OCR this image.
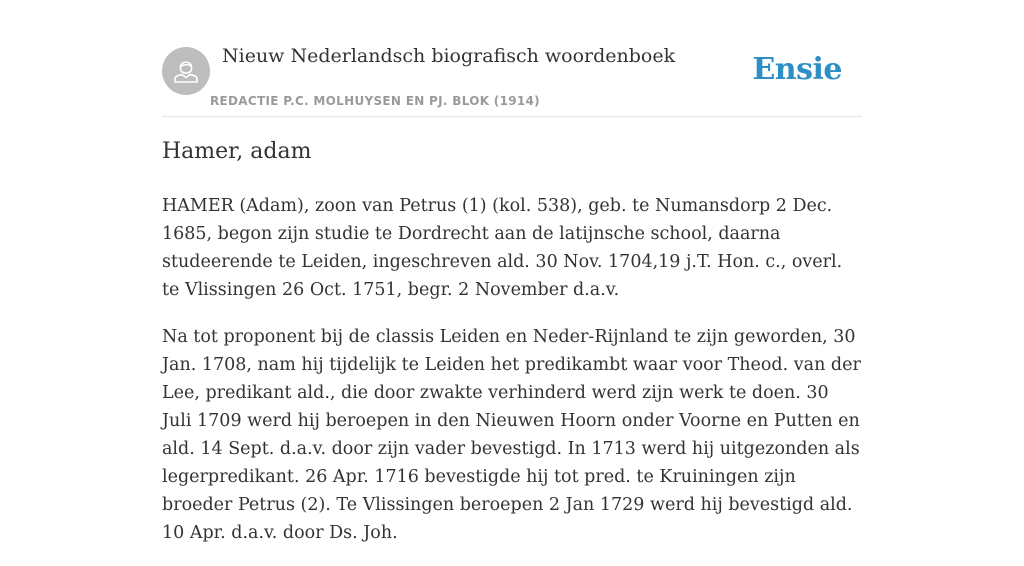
Nieuw Nederlandsch biografisch woordenboek
REDACTIE P.C. MOLHUYSEN EN PJ. BLOK (1914)
Ensie
Hamer, adam

HAMER (Adam), zoon van Petrus (1) (kol. 538), geb. te Numansdorp 2 Dec. 1685, begon zijn studie te Dordrecht aan de latijnsche school, daarna studeerende te Leiden, ingeschreven ald. 30 Nov. 1704,19 j.T. Hon. c., overl. te Vlissingen 26 Oct. 1751, begr. 2 November d.a.v.

Na tot proponent bij de classis Leiden en Neder-Rijnland te zijn geworden, 30 Jan. 1708, nam hij tijdelijk te Leiden het predikambt waar voor Theod. van der Lee, predikant ald., die door zwakte verhinderd werd zijn werk te doen. 30 Juli 1709 werd hij beroepen in den Nieuwen Hoorn onder Voorne en Putten en ald. 14 Sept. d.a.v. door zijn vader bevestigd. In 1713 werd hij uitgezonden als legerpredikant. 26 Apr. 1716 bevestigde hij tot pred. te Kruiningen zijn broeder Petrus (2). Te Vlissingen beroepen 2 Jan 1729 werd hij bevestigd ald. 10 Apr. d.a.v. door Ds. Joh.
